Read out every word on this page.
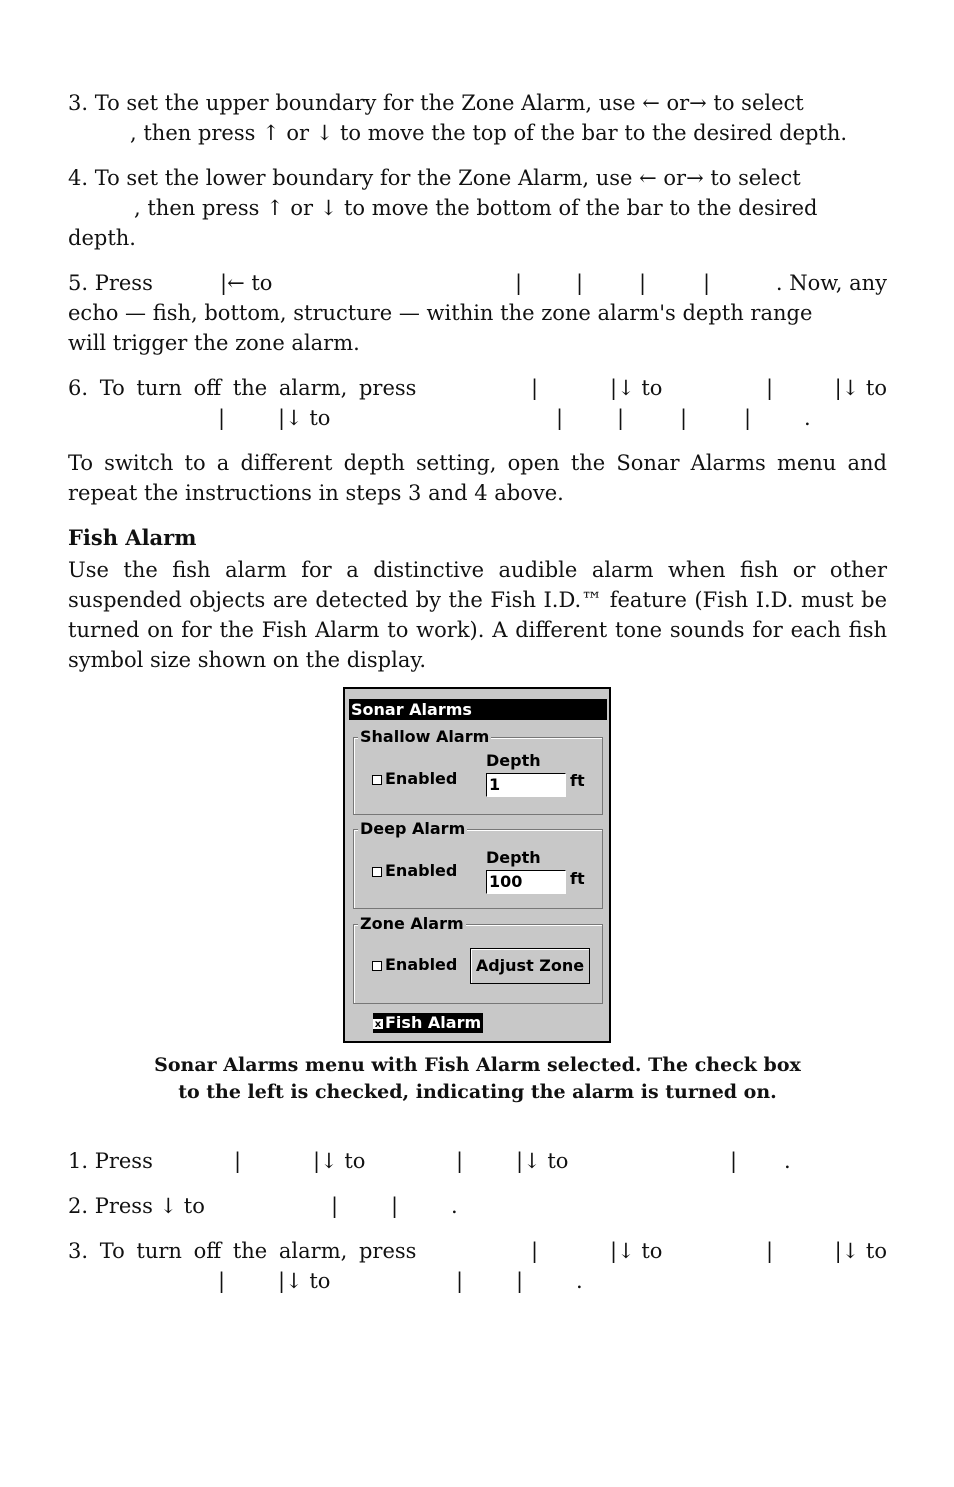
3. To set the upper boundary for the Zone Alarm, use ← or→ to select
, then press ↑ or ↓ to move the top of the bar to the desired depth.
4. To set the lower boundary for the Zone Alarm, use ← or→ to select
, then press ↑ or ↓ to move the bottom of the bar to the desired
depth.

5. Press

	|← to

	|

	|

	|

	|

	. Now, any

echo — fish, bottom, structure — within the zone alarm's depth range
will trigger the zone alarm.

6. To turn off the alarm, press

	|

	|↓ to

	|

	|↓ to

|

	|↓ to

	|

	|

	|

	|

	.

To switch to a different depth setting, open the Sonar Alarms menu and repeat the instructions in steps 3 and 4 above.

Fish Alarm

Use the fish alarm for a distinctive audible alarm when fish or other suspended objects are detected by the Fish I.D.™ feature (Fish I.D. must be turned on for the Fish Alarm to work). A different tone sounds for each fish symbol size shown on the display.

Sonar Alarms
Shallow Alarm
Enabled
Depth
1	ft
Deep Alarm
Enabled
Depth
100	ft
Zone Alarm
Enabled	Adjust Zone
x Fish Alarm
Sonar Alarms menu with Fish Alarm selected. The check box
to the left is checked, indicating the alarm is turned on.

1. Press

	|

	|↓ to

	|

	|↓ to

	|

.

2. Press ↓ to

	|

	|

	.

3. To turn off the alarm, press

	|

	|↓ to

	|

	|↓ to

|

	|↓ to

	|

	|

	.
